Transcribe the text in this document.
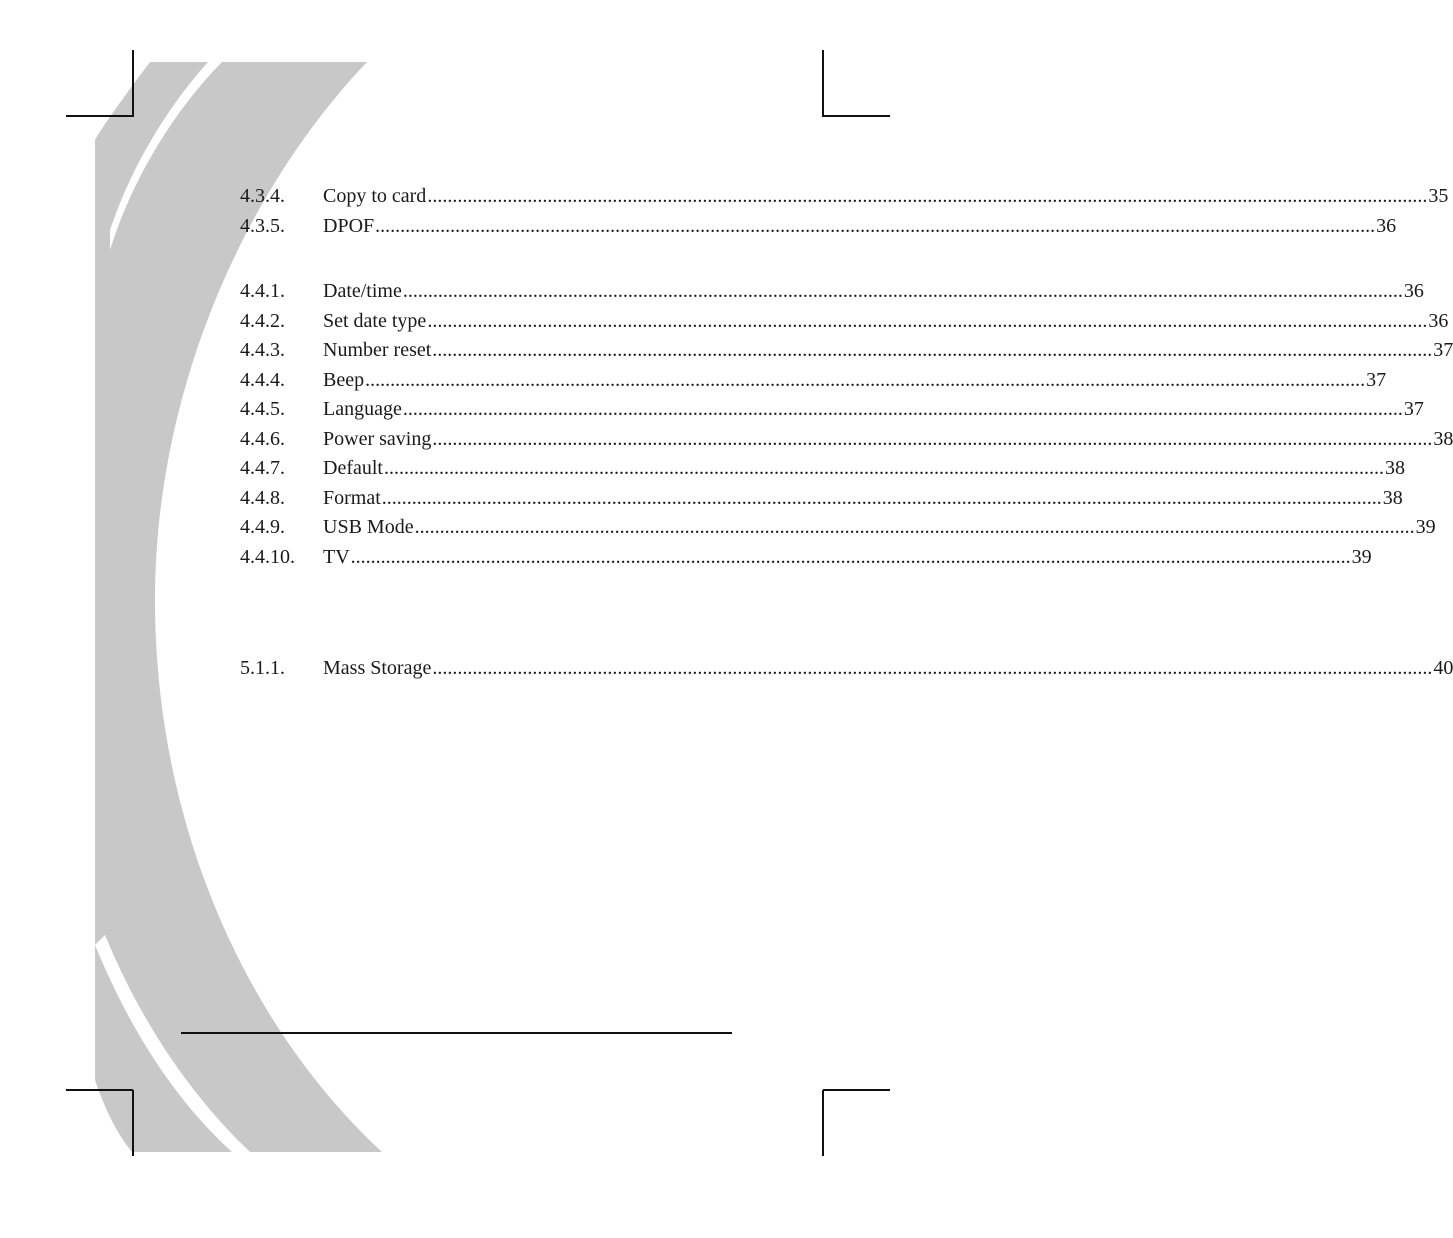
4.3.4.	Copy to card ........................................................................................................................................................................................................ 35
4.3.5.	DPOF ........................................................................................................................................................................................................ 36
4.4.1.	Date/time ........................................................................................................................................................................................................ 36
4.4.2.	Set date type ........................................................................................................................................................................................................ 36
4.4.3.	Number reset ........................................................................................................................................................................................................ 37
4.4.4.	Beep ........................................................................................................................................................................................................ 37
4.4.5.	Language ........................................................................................................................................................................................................ 37
4.4.6.	Power saving ........................................................................................................................................................................................................ 38
4.4.7.	Default ........................................................................................................................................................................................................ 38
4.4.8.	Format ........................................................................................................................................................................................................ 38
4.4.9.	USB Mode ........................................................................................................................................................................................................ 39
4.4.10.	TV ........................................................................................................................................................................................................ 39
5.1.1.	Mass Storage ........................................................................................................................................................................................................ 40
